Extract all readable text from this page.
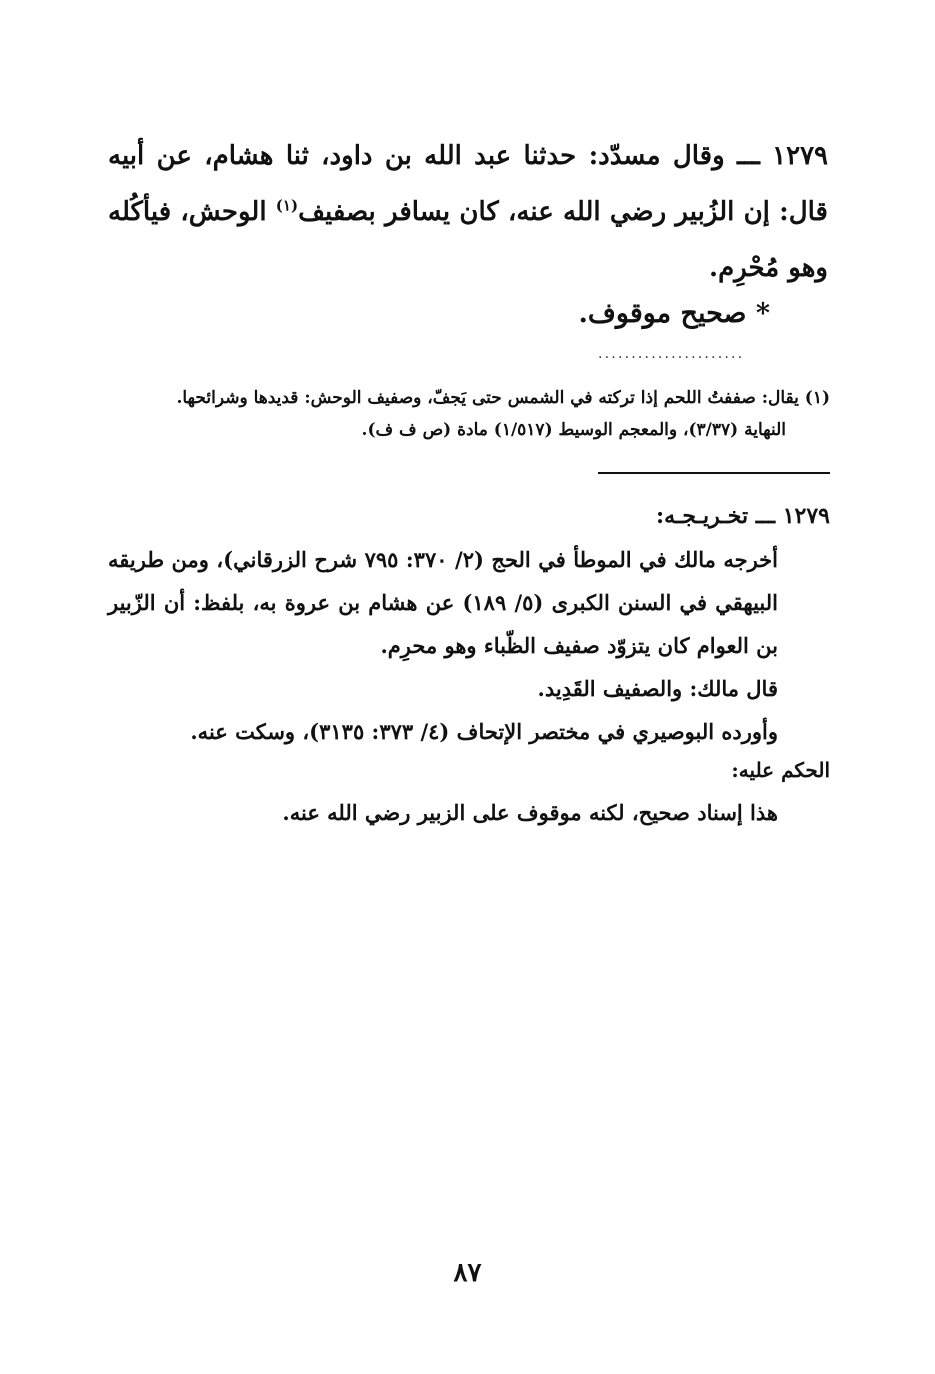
١٢٧٩ ـــ وقال مسدّد: حدثنا عبد الله بن داود، ثنا هشام، عن أبيه قال: إن الزُبير رضي الله عنه، كان يسافر بصفيف$^{(١)}$ الوحش، فيأكُله وهو مُحْرِم.
* صحيح موقوف.
......................
(١) يقال: صففتُ اللحم إذا تركته في الشمس حتى يَجفّ، وصفيف الوحش: قديدها وشرائحها.
النهاية (٣/٣٧)، والمعجم الوسيط (١/٥١٧) مادة (ص ف ف).
١٢٧٩ ـــ تخـريـجـه:

أخرجه مالك في الموطأ في الحج (٢/ ٣٧٠: ٧٩٥ شرح الزرقاني)، ومن طريقه البيهقي في السنن الكبرى (٥/ ١٨٩) عن هشام بن عروة به، بلفظ: أن الزّبير بن العوام كان يتزوّد صفيف الظّباء وهو محرِم.

قال مالك: والصفيف القَدِيد.

وأورده البوصيري في مختصر الإتحاف (٤/ ٣٧٣: ٣١٣٥)، وسكت عنه.

الحكم عليه:
هذا إسناد صحيح، لكنه موقوف على الزبير رضي الله عنه.
٨٧
